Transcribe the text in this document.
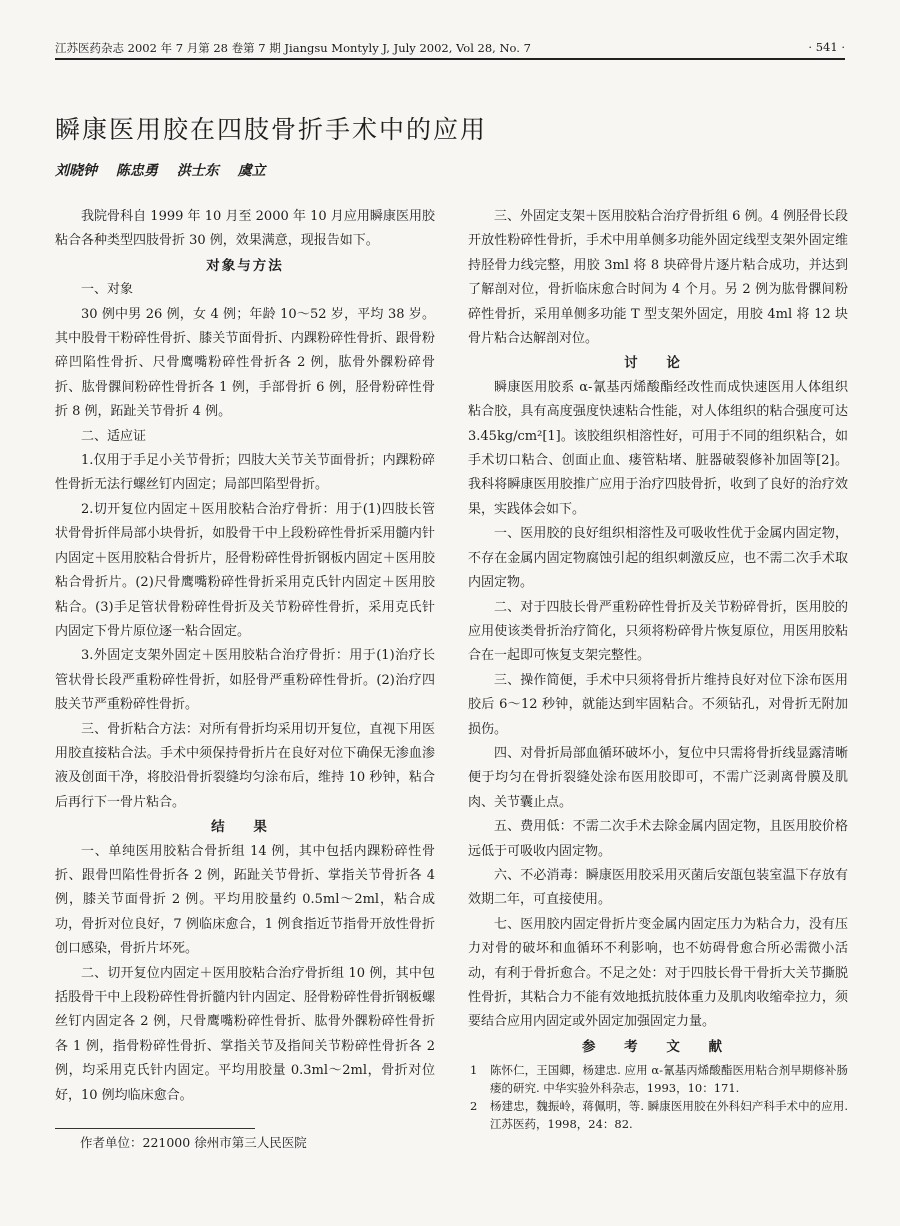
江苏医药杂志 2002 年 7 月第 28 卷第 7 期 Jiangsu Montyly J, July 2002, Vol 28, No. 7	· 541 ·
瞬康医用胶在四肢骨折手术中的应用
刘晓钟 陈忠勇 洪士东 虞立

我院骨科自 1999 年 10 月至 2000 年 10 月应用瞬康医用胶粘合各种类型四肢骨折 30 例，效果满意，现报告如下。

对象与方法

一、对象

30 例中男 26 例，女 4 例；年龄 10～52 岁，平均 38 岁。其中股骨干粉碎性骨折、膝关节面骨折、内踝粉碎性骨折、跟骨粉碎凹陷性骨折、尺骨鹰嘴粉碎性骨折各 2 例，肱骨外髁粉碎骨折、肱骨髁间粉碎性骨折各 1 例，手部骨折 6 例，胫骨粉碎性骨折 8 例，跖趾关节骨折 4 例。

二、适应证

1.仅用于手足小关节骨折；四肢大关节关节面骨折；内踝粉碎性骨折无法行螺丝钉内固定；局部凹陷型骨折。

2.切开复位内固定＋医用胶粘合治疗骨折：用于(1)四肢长管状骨骨折伴局部小块骨折，如股骨干中上段粉碎性骨折采用髓内针内固定＋医用胶粘合骨折片，胫骨粉碎性骨折钢板内固定＋医用胶粘合骨折片。(2)尺骨鹰嘴粉碎性骨折采用克氏针内固定＋医用胶粘合。(3)手足管状骨粉碎性骨折及关节粉碎性骨折，采用克氏针内固定下骨片原位逐一粘合固定。

3.外固定支架外固定＋医用胶粘合治疗骨折：用于(1)治疗长管状骨长段严重粉碎性骨折，如胫骨严重粉碎性骨折。(2)治疗四肢关节严重粉碎性骨折。

三、骨折粘合方法：对所有骨折均采用切开复位，直视下用医用胶直接粘合法。手术中须保持骨折片在良好对位下确保无渗血渗液及创面干净，将胶沿骨折裂缝均匀涂布后，维持 10 秒钟，粘合后再行下一骨片粘合。

结 果

一、单纯医用胶粘合骨折组 14 例，其中包括内踝粉碎性骨折、跟骨凹陷性骨折各 2 例，跖趾关节骨折、掌指关节骨折各 4 例，膝关节面骨折 2 例。平均用胶量约 0.5ml～2ml，粘合成功，骨折对位良好，7 例临床愈合，1 例食指近节指骨开放性骨折创口感染，骨折片坏死。

二、切开复位内固定＋医用胶粘合治疗骨折组 10 例，其中包括股骨干中上段粉碎性骨折髓内针内固定、胫骨粉碎性骨折钢板螺丝钉内固定各 2 例，尺骨鹰嘴粉碎性骨折、肱骨外髁粉碎性骨折各 1 例，指骨粉碎性骨折、掌指关节及指间关节粉碎性骨折各 2 例，均采用克氏针内固定。平均用胶量 0.3ml～2ml，骨折对位好，10 例均临床愈合。

作者单位：221000 徐州市第三人民医院

三、外固定支架＋医用胶粘合治疗骨折组 6 例。4 例胫骨长段开放性粉碎性骨折，手术中用单侧多功能外固定线型支架外固定维持胫骨力线完整，用胶 3ml 将 8 块碎骨片逐片粘合成功，并达到了解剖对位，骨折临床愈合时间为 4 个月。另 2 例为肱骨髁间粉碎性骨折，采用单侧多功能 T 型支架外固定，用胶 4ml 将 12 块骨片粘合达解剖对位。

讨 论

瞬康医用胶系 α-氰基丙烯酸酯经改性而成快速医用人体组织粘合胶，具有高度强度快速粘合性能，对人体组织的粘合强度可达 3.45kg/cm²[1]。该胶组织相溶性好，可用于不同的组织粘合，如手术切口粘合、创面止血、瘘管粘堵、脏器破裂修补加固等[2]。我科将瞬康医用胶推广应用于治疗四肢骨折，收到了良好的治疗效果，实践体会如下。

一、医用胶的良好组织相溶性及可吸收性优于金属内固定物，不存在金属内固定物腐蚀引起的组织刺激反应，也不需二次手术取内固定物。

二、对于四肢长骨严重粉碎性骨折及关节粉碎骨折，医用胶的应用使该类骨折治疗简化，只须将粉碎骨片恢复原位，用医用胶粘合在一起即可恢复支架完整性。

三、操作简便，手术中只须将骨折片维持良好对位下涂布医用胶后 6～12 秒钟，就能达到牢固粘合。不须钻孔，对骨折无附加损伤。

四、对骨折局部血循环破坏小，复位中只需将骨折线显露清晰便于均匀在骨折裂缝处涂布医用胶即可，不需广泛剥离骨膜及肌肉、关节囊止点。

五、费用低：不需二次手术去除金属内固定物，且医用胶价格远低于可吸收内固定物。

六、不必消毒：瞬康医用胶采用灭菌后安瓿包装室温下存放有效期二年，可直接使用。

七、医用胶内固定骨折片变金属内固定压力为粘合力，没有压力对骨的破坏和血循环不利影响，也不妨碍骨愈合所必需微小活动，有利于骨折愈合。不足之处：对于四肢长骨干骨折大关节撕脱性骨折，其粘合力不能有效地抵抗肢体重力及肌肉收缩牵拉力，须要结合应用内固定或外固定加强固定力量。

参 考 文 献
1 陈怀仁，王国卿，杨建忠. 应用 α-氰基丙烯酸酯医用粘合剂早期修补肠瘘的研究. 中华实验外科杂志，1993，10：171.
2 杨建忠，魏振岭，蒋佩明，等. 瞬康医用胶在外科妇产科手术中的应用. 江苏医药，1998，24：82.
